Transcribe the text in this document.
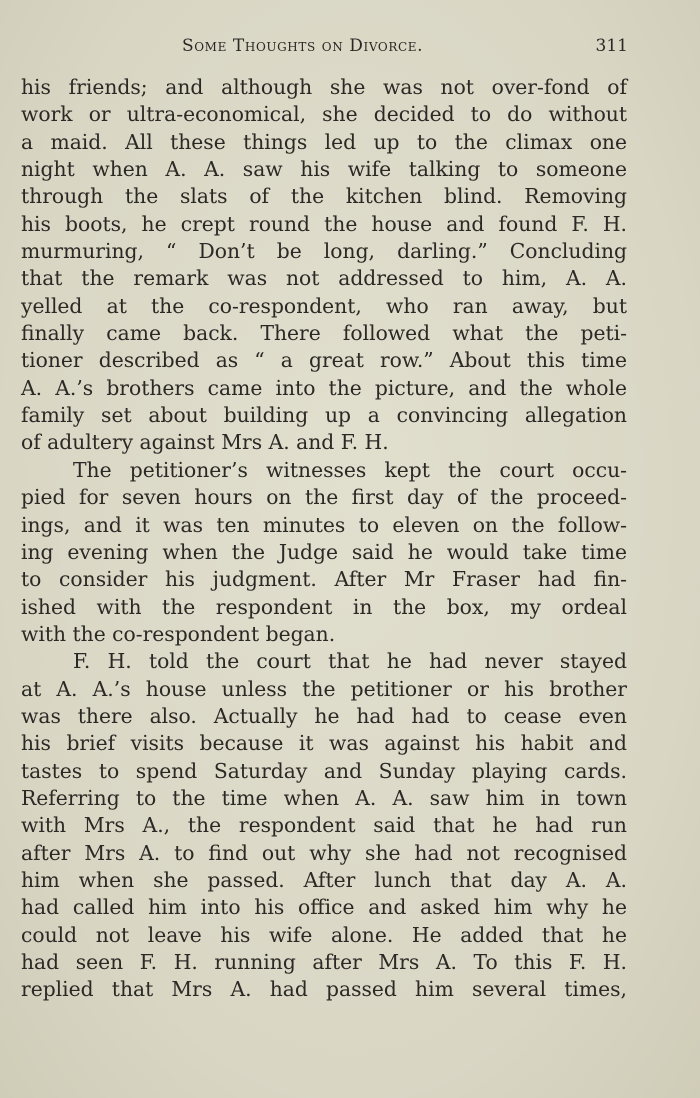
Some Thoughts on Divorce.	311
his friends; and although she was not over-fond of
work or ultra-economical, she decided to do without
a maid. All these things led up to the climax one
night when A. A. saw his wife talking to someone
through the slats of the kitchen blind. Removing
his boots, he crept round the house and found F. H.
murmuring, “ Don’t be long, darling.” Concluding
that the remark was not addressed to him, A. A.
yelled at the co-respondent, who ran away, but
finally came back. There followed what the peti-
tioner described as “ a great row.” About this time
A. A.’s brothers came into the picture, and the whole
family set about building up a convincing allegation
of adultery against Mrs A. and F. H.
The petitioner’s witnesses kept the court occu-
pied for seven hours on the first day of the proceed-
ings, and it was ten minutes to eleven on the follow-
ing evening when the Judge said he would take time
to consider his judgment. After Mr Fraser had fin-
ished with the respondent in the box, my ordeal
with the co-respondent began.
F. H. told the court that he had never stayed
at A. A.’s house unless the petitioner or his brother
was there also. Actually he had had to cease even
his brief visits because it was against his habit and
tastes to spend Saturday and Sunday playing cards.
Referring to the time when A. A. saw him in town
with Mrs A., the respondent said that he had run
after Mrs A. to find out why she had not recognised
him when she passed. After lunch that day A. A.
had called him into his office and asked him why he
could not leave his wife alone. He added that he
had seen F. H. running after Mrs A. To this F. H.
replied that Mrs A. had passed him several times,
